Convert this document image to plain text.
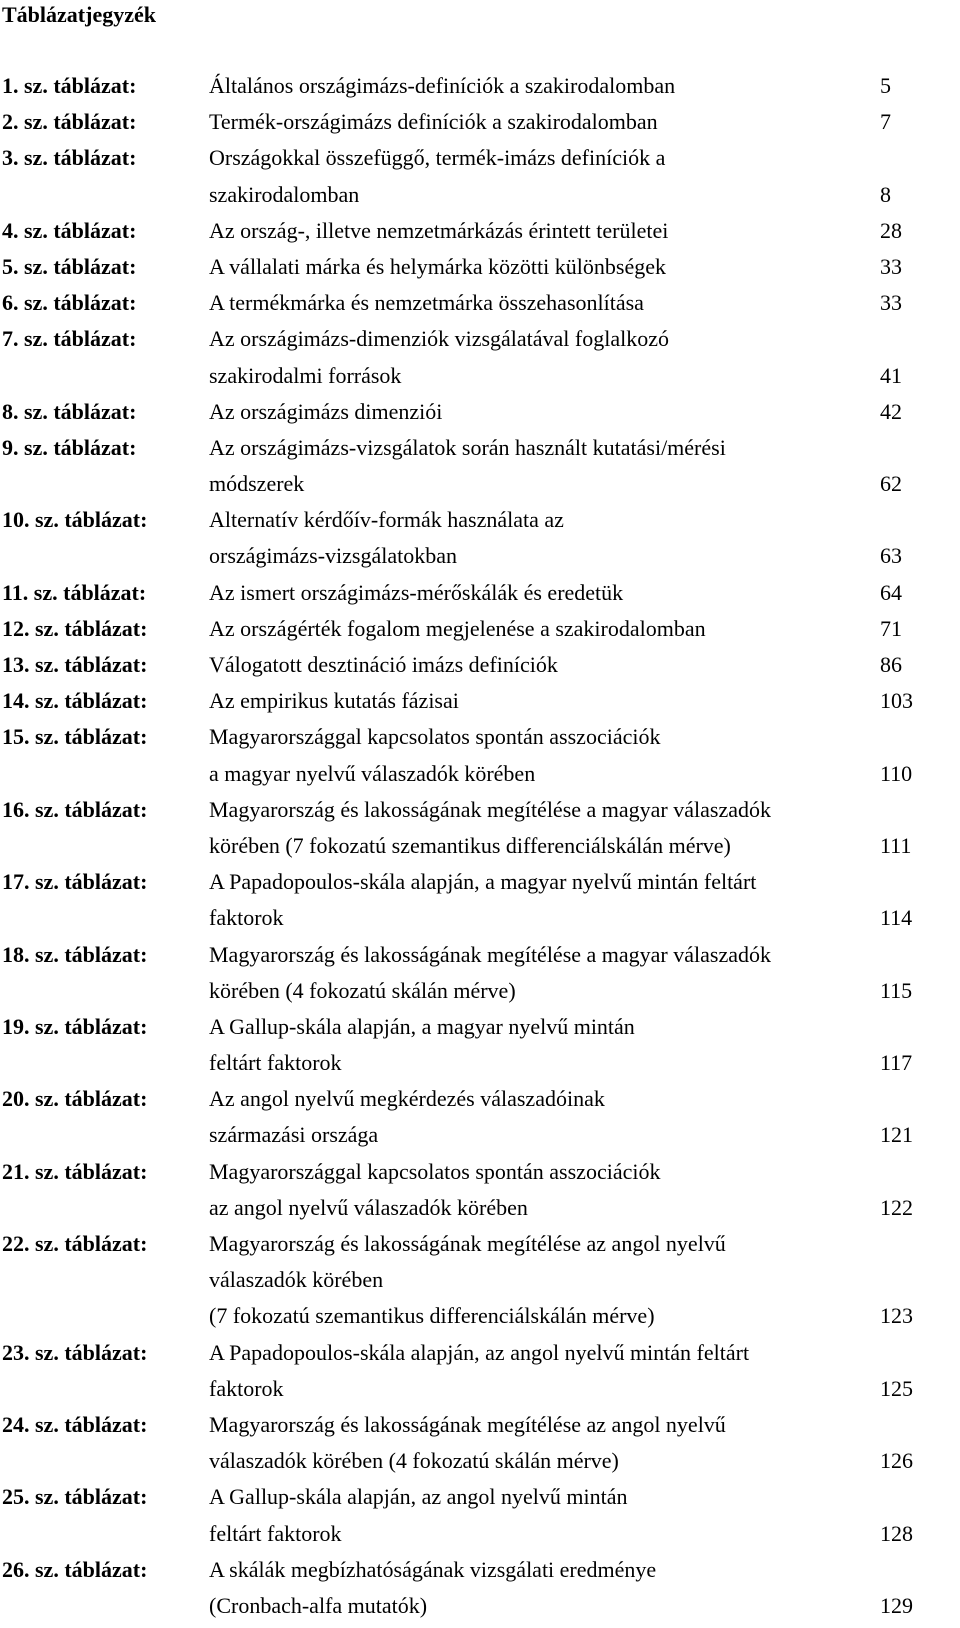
Táblázatjegyzék
1. sz. táblázat:	Általános országimázs-definíciók a szakirodalomban	5
2. sz. táblázat:	Termék-országimázs definíciók a szakirodalomban	7
3. sz. táblázat:	Országokkal összefüggő, termék-imázs definíciók a
szakirodalomban	8
4. sz. táblázat:	Az ország-, illetve nemzetmárkázás érintett területei	28
5. sz. táblázat:	A vállalati márka és helymárka közötti különbségek	33
6. sz. táblázat:	A termékmárka és nemzetmárka összehasonlítása	33
7. sz. táblázat:	Az országimázs-dimenziók vizsgálatával foglalkozó
szakirodalmi források	41
8. sz. táblázat:	Az országimázs dimenziói	42
9. sz. táblázat:	Az országimázs-vizsgálatok során használt kutatási/mérési
módszerek	62
10. sz. táblázat:	Alternatív kérdőív-formák használata az
országimázs-vizsgálatokban	63
11. sz. táblázat:	Az ismert országimázs-mérőskálák és eredetük	64
12. sz. táblázat:	Az országérték fogalom megjelenése a szakirodalomban	71
13. sz. táblázat:	Válogatott desztináció imázs definíciók	86
14. sz. táblázat:	Az empirikus kutatás fázisai	103
15. sz. táblázat:	Magyarországgal kapcsolatos spontán asszociációk
a magyar nyelvű válaszadók körében	110
16. sz. táblázat:	Magyarország és lakosságának megítélése a magyar válaszadók
körében (7 fokozatú szemantikus differenciálskálán mérve)	111
17. sz. táblázat:	A Papadopoulos-skála alapján, a magyar nyelvű mintán feltárt
faktorok	114
18. sz. táblázat:	Magyarország és lakosságának megítélése a magyar válaszadók
körében (4 fokozatú skálán mérve)	115
19. sz. táblázat:	A Gallup-skála alapján, a magyar nyelvű mintán
feltárt faktorok	117
20. sz. táblázat:	Az angol nyelvű megkérdezés válaszadóinak
származási országa	121
21. sz. táblázat:	Magyarországgal kapcsolatos spontán asszociációk
az angol nyelvű válaszadók körében	122
22. sz. táblázat:	Magyarország és lakosságának megítélése az angol nyelvű
válaszadók körében
(7 fokozatú szemantikus differenciálskálán mérve)	123
23. sz. táblázat:	A Papadopoulos-skála alapján, az angol nyelvű mintán feltárt
faktorok	125
24. sz. táblázat:	Magyarország és lakosságának megítélése az angol nyelvű
válaszadók körében (4 fokozatú skálán mérve)	126
25. sz. táblázat:	A Gallup-skála alapján, az angol nyelvű mintán
feltárt faktorok	128
26. sz. táblázat:	A skálák megbízhatóságának vizsgálati eredménye
(Cronbach-alfa mutatók)	129
